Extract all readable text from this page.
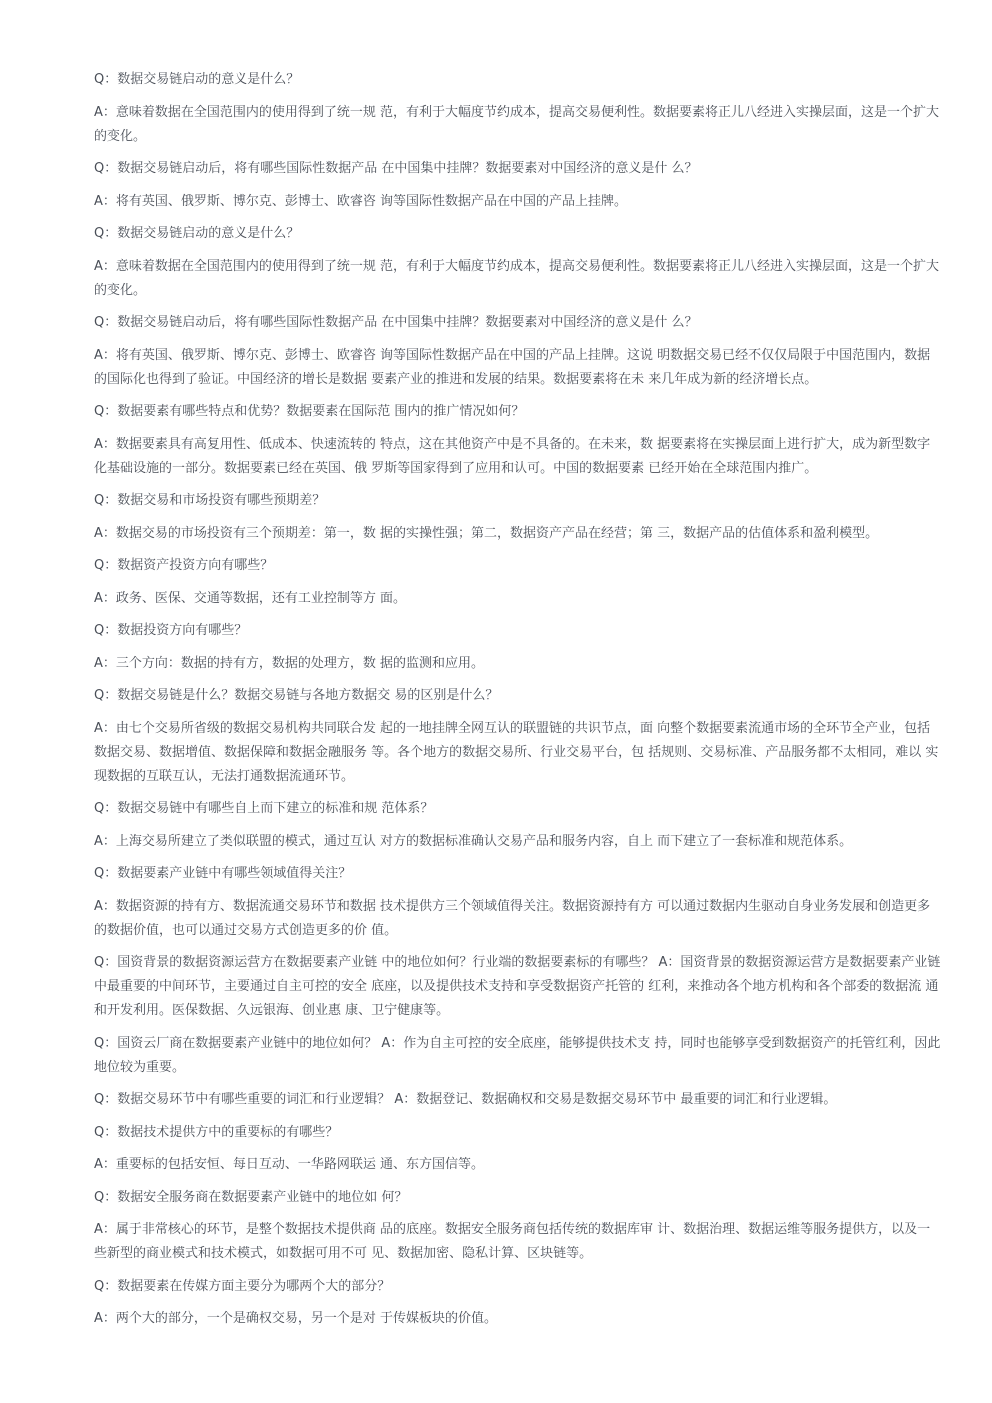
Q：数据交易链启动的意义是什么？

A：意味着数据在全国范围内的使用得到了统一规 范，有利于大幅度节约成本，提高交易便利性。数据要素将正儿八经进入实操层面，这是一个扩大的变化。

Q：数据交易链启动后，将有哪些国际性数据产品 在中国集中挂牌？数据要素对中国经济的意义是什 么？

A：将有英国、俄罗斯、博尔克、彭博士、欧睿咨 询等国际性数据产品在中国的产品上挂牌。

Q：数据交易链启动的意义是什么？

A：意味着数据在全国范围内的使用得到了统一规 范，有利于大幅度节约成本，提高交易便利性。数据要素将正儿八经进入实操层面，这是一个扩大的变化。

Q：数据交易链启动后，将有哪些国际性数据产品 在中国集中挂牌？数据要素对中国经济的意义是什 么？

A：将有英国、俄罗斯、博尔克、彭博士、欧睿咨 询等国际性数据产品在中国的产品上挂牌。这说 明数据交易已经不仅仅局限于中国范围内，数据 的国际化也得到了验证。中国经济的增长是数据 要素产业的推进和发展的结果。数据要素将在未 来几年成为新的经济增长点。

Q：数据要素有哪些特点和优势？数据要素在国际范 围内的推广情况如何？

A：数据要素具有高复用性、低成本、快速流转的 特点，这在其他资产中是不具备的。在未来，数 据要素将在实操层面上进行扩大，成为新型数字 化基础设施的一部分。数据要素已经在英国、俄 罗斯等国家得到了应用和认可。中国的数据要素 已经开始在全球范围内推广。

Q：数据交易和市场投资有哪些预期差？

A：数据交易的市场投资有三个预期差：第一，数 据的实操性强；第二，数据资产产品在经营；第 三，数据产品的估值体系和盈利模型。

Q：数据资产投资方向有哪些？

A：政务、医保、交通等数据，还有工业控制等方 面。

Q：数据投资方向有哪些？

A：三个方向：数据的持有方，数据的处理方，数 据的监测和应用。

Q：数据交易链是什么？数据交易链与各地方数据交 易的区别是什么？

A：由七个交易所省级的数据交易机构共同联合发 起的一地挂牌全网互认的联盟链的共识节点，面 向整个数据要素流通市场的全环节全产业，包括 数据交易、数据增值、数据保障和数据金融服务 等。各个地方的数据交易所、行业交易平台，包 括规则、交易标准、产品服务都不太相同，难以 实现数据的互联互认，无法打通数据流通环节。

Q：数据交易链中有哪些自上而下建立的标准和规 范体系？

A：上海交易所建立了类似联盟的模式，通过互认 对方的数据标准确认交易产品和服务内容，自上 而下建立了一套标准和规范体系。

Q：数据要素产业链中有哪些领域值得关注？

A：数据资源的持有方、数据流通交易环节和数据 技术提供方三个领域值得关注。数据资源持有方 可以通过数据内生驱动自身业务发展和创造更多 的数据价值，也可以通过交易方式创造更多的价 值。

Q：国资背景的数据资源运营方在数据要素产业链 中的地位如何？行业端的数据要素标的有哪些？ A：国资背景的数据资源运营方是数据要素产业链 中最重要的中间环节，主要通过自主可控的安全 底座，以及提供技术支持和享受数据资产托管的 红利，来推动各个地方机构和各个部委的数据流 通和开发利用。医保数据、久远银海、创业惠 康、卫宁健康等。

Q：国资云厂商在数据要素产业链中的地位如何？ A：作为自主可控的安全底座，能够提供技术支 持，同时也能够享受到数据资产的托管红利，因此地位较为重要。

Q：数据交易环节中有哪些重要的词汇和行业逻辑？ A：数据登记、数据确权和交易是数据交易环节中 最重要的词汇和行业逻辑。

Q：数据技术提供方中的重要标的有哪些？

A：重要标的包括安恒、每日互动、一华路网联运 通、东方国信等。

Q：数据安全服务商在数据要素产业链中的地位如 何？

A：属于非常核心的环节，是整个数据技术提供商 品的底座。数据安全服务商包括传统的数据库审 计、数据治理、数据运维等服务提供方，以及一 些新型的商业模式和技术模式，如数据可用不可 见、数据加密、隐私计算、区块链等。

Q：数据要素在传媒方面主要分为哪两个大的部分？

A：两个大的部分，一个是确权交易，另一个是对 于传媒板块的价值。
